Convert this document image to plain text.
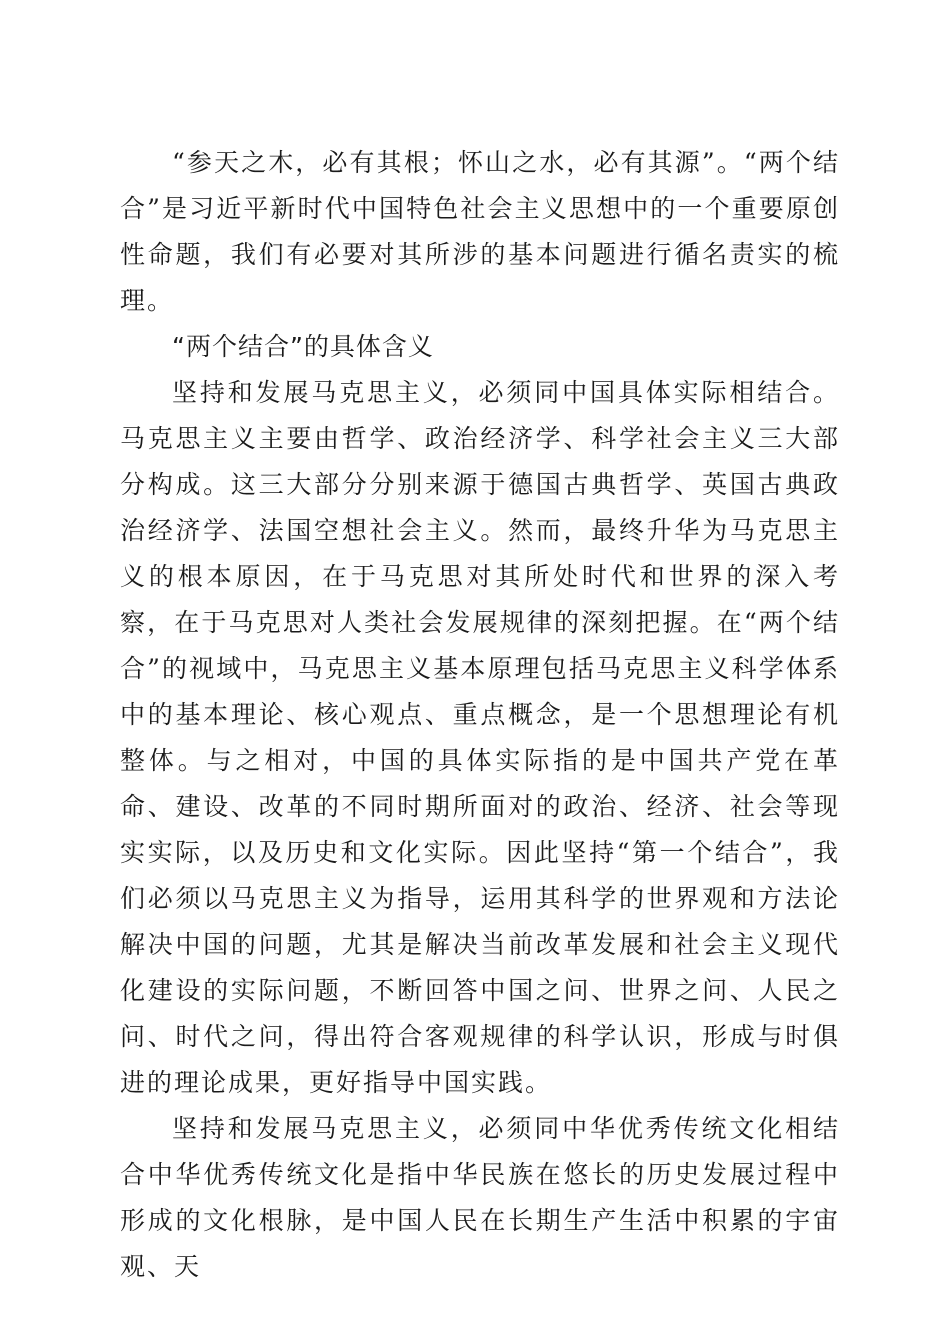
“参天之木，必有其根；怀山之水，必有其源”。“两个结合”是习近平新时代中国特色社会主义思想中的一个重要原创性命题，我们有必要对其所涉的基本问题进行循名责实的梳理。

“两个结合”的具体含义

坚持和发展马克思主义，必须同中国具体实际相结合。马克思主义主要由哲学、政治经济学、科学社会主义三大部分构成。这三大部分分别来源于德国古典哲学、英国古典政治经济学、法国空想社会主义。然而，最终升华为马克思主义的根本原因，在于马克思对其所处时代和世界的深入考察，在于马克思对人类社会发展规律的深刻把握。在“两个结合”的视域中，马克思主义基本原理包括马克思主义科学体系中的基本理论、核心观点、重点概念，是一个思想理论有机整体。与之相对，中国的具体实际指的是中国共产党在革命、建设、改革的不同时期所面对的政治、经济、社会等现实实际，以及历史和文化实际。因此坚持“第一个结合”，我们必须以马克思主义为指导，运用其科学的世界观和方法论解决中国的问题，尤其是解决当前改革发展和社会主义现代化建设的实际问题，不断回答中国之问、世界之问、人民之问、时代之问，得出符合客观规律的科学认识，形成与时俱进的理论成果，更好指导中国实践。

坚持和发展马克思主义，必须同中华优秀传统文化相结合中华优秀传统文化是指中华民族在悠长的历史发展过程中形成的文化根脉，是中国人民在长期生产生活中积累的宇宙观、天
